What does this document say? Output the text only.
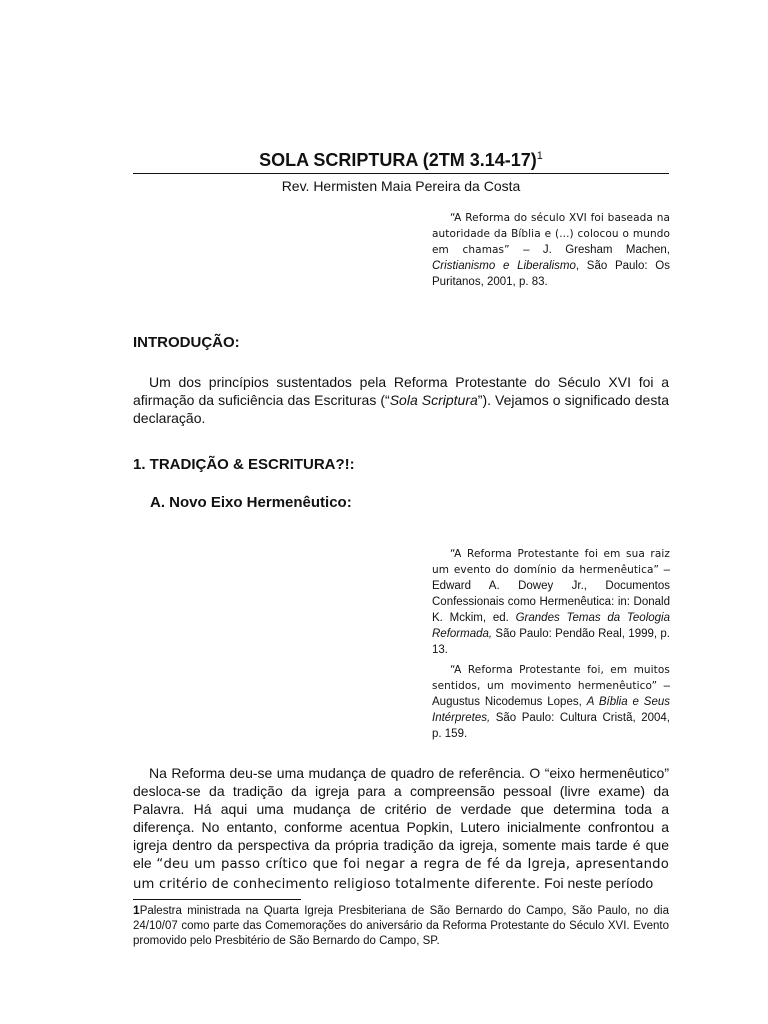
SOLA SCRIPTURA (2TM 3.14-17)$^1$
Rev. Hermisten Maia Pereira da Costa
“A Reforma do século XVI foi baseada na autoridade da Bíblia e (...) colocou o mundo em chamas” – J. Gresham Machen, Cristianismo e Liberalismo, São Paulo: Os Puritanos, 2001, p. 83.
INTRODUÇÃO:
Um dos princípios sustentados pela Reforma Protestante do Século XVI foi a afirmação da suficiência das Escrituras (“Sola Scriptura”). Vejamos o significado desta declaração.
1. TRADIÇÃO & ESCRITURA?!:
A. Novo Eixo Hermenêutico:
“A Reforma Protestante foi em sua raiz um evento do domínio da hermenêutica” – Edward A. Dowey Jr., Documentos Confessionais como Hermenêutica: in: Donald K. Mckim, ed. Grandes Temas da Teologia Reformada, São Paulo: Pendão Real, 1999, p. 13.
“A Reforma Protestante foi, em muitos sentidos, um movimento hermenêutico” – Augustus Nicodemus Lopes, A Bíblia e Seus Intérpretes, São Paulo: Cultura Cristã, 2004, p. 159.
Na Reforma deu-se uma mudança de quadro de referência. O “eixo hermenêutico” desloca-se da tradição da igreja para a compreensão pessoal (livre exame) da Palavra. Há aqui uma mudança de critério de verdade que determina toda a diferença. No entanto, conforme acentua Popkin, Lutero inicialmente confrontou a igreja dentro da perspectiva da própria tradição da igreja, somente mais tarde é que ele “deu um passo crítico que foi negar a regra de fé da Igreja, apresentando um critério de conhecimento religioso totalmente diferente. Foi neste período
$^1$Palestra ministrada na Quarta Igreja Presbiteriana de São Bernardo do Campo, São Paulo, no dia 24/10/07 como parte das Comemorações do aniversário da Reforma Protestante do Século XVI. Evento promovido pelo Presbitério de São Bernardo do Campo, SP.
